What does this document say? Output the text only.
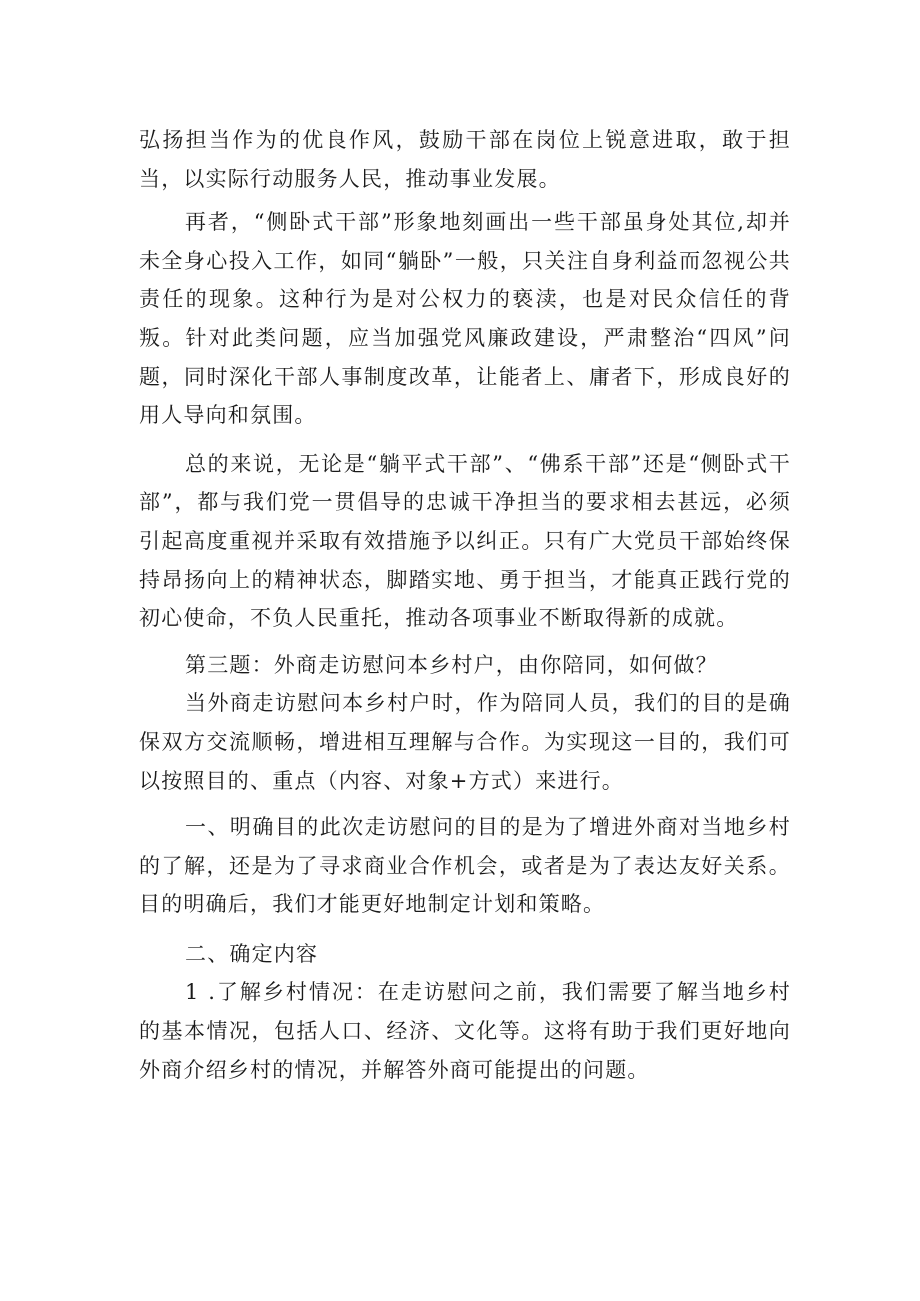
弘扬担当作为的优良作风，鼓励干部在岗位上锐意进取，敢于担当，以实际行动服务人民，推动事业发展。

再者，“侧卧式干部”形象地刻画出一些干部虽身处其位,却并未全身心投入工作，如同“躺卧”一般，只关注自身利益而忽视公共责任的现象。这种行为是对公权力的亵渎，也是对民众信任的背叛。针对此类问题，应当加强党风廉政建设，严肃整治“四风”问题，同时深化干部人事制度改革，让能者上、庸者下，形成良好的用人导向和氛围。

总的来说，无论是“躺平式干部”、“佛系干部”还是“侧卧式干部”，都与我们党一贯倡导的忠诚干净担当的要求相去甚远，必须引起高度重视并采取有效措施予以纠正。只有广大党员干部始终保持昂扬向上的精神状态，脚踏实地、勇于担当，才能真正践行党的初心使命，不负人民重托，推动各项事业不断取得新的成就。

第三题：外商走访慰问本乡村户，由你陪同，如何做？

当外商走访慰问本乡村户时，作为陪同人员，我们的目的是确保双方交流顺畅，增进相互理解与合作。为实现这一目的，我们可以按照目的、重点（内容、对象+方式）来进行。

一、明确目的此次走访慰问的目的是为了增进外商对当地乡村的了解，还是为了寻求商业合作机会，或者是为了表达友好关系。目的明确后，我们才能更好地制定计划和策略。

二、确定内容

1 .了解乡村情况：在走访慰问之前，我们需要了解当地乡村的基本情况，包括人口、经济、文化等。这将有助于我们更好地向外商介绍乡村的情况，并解答外商可能提出的问题。
